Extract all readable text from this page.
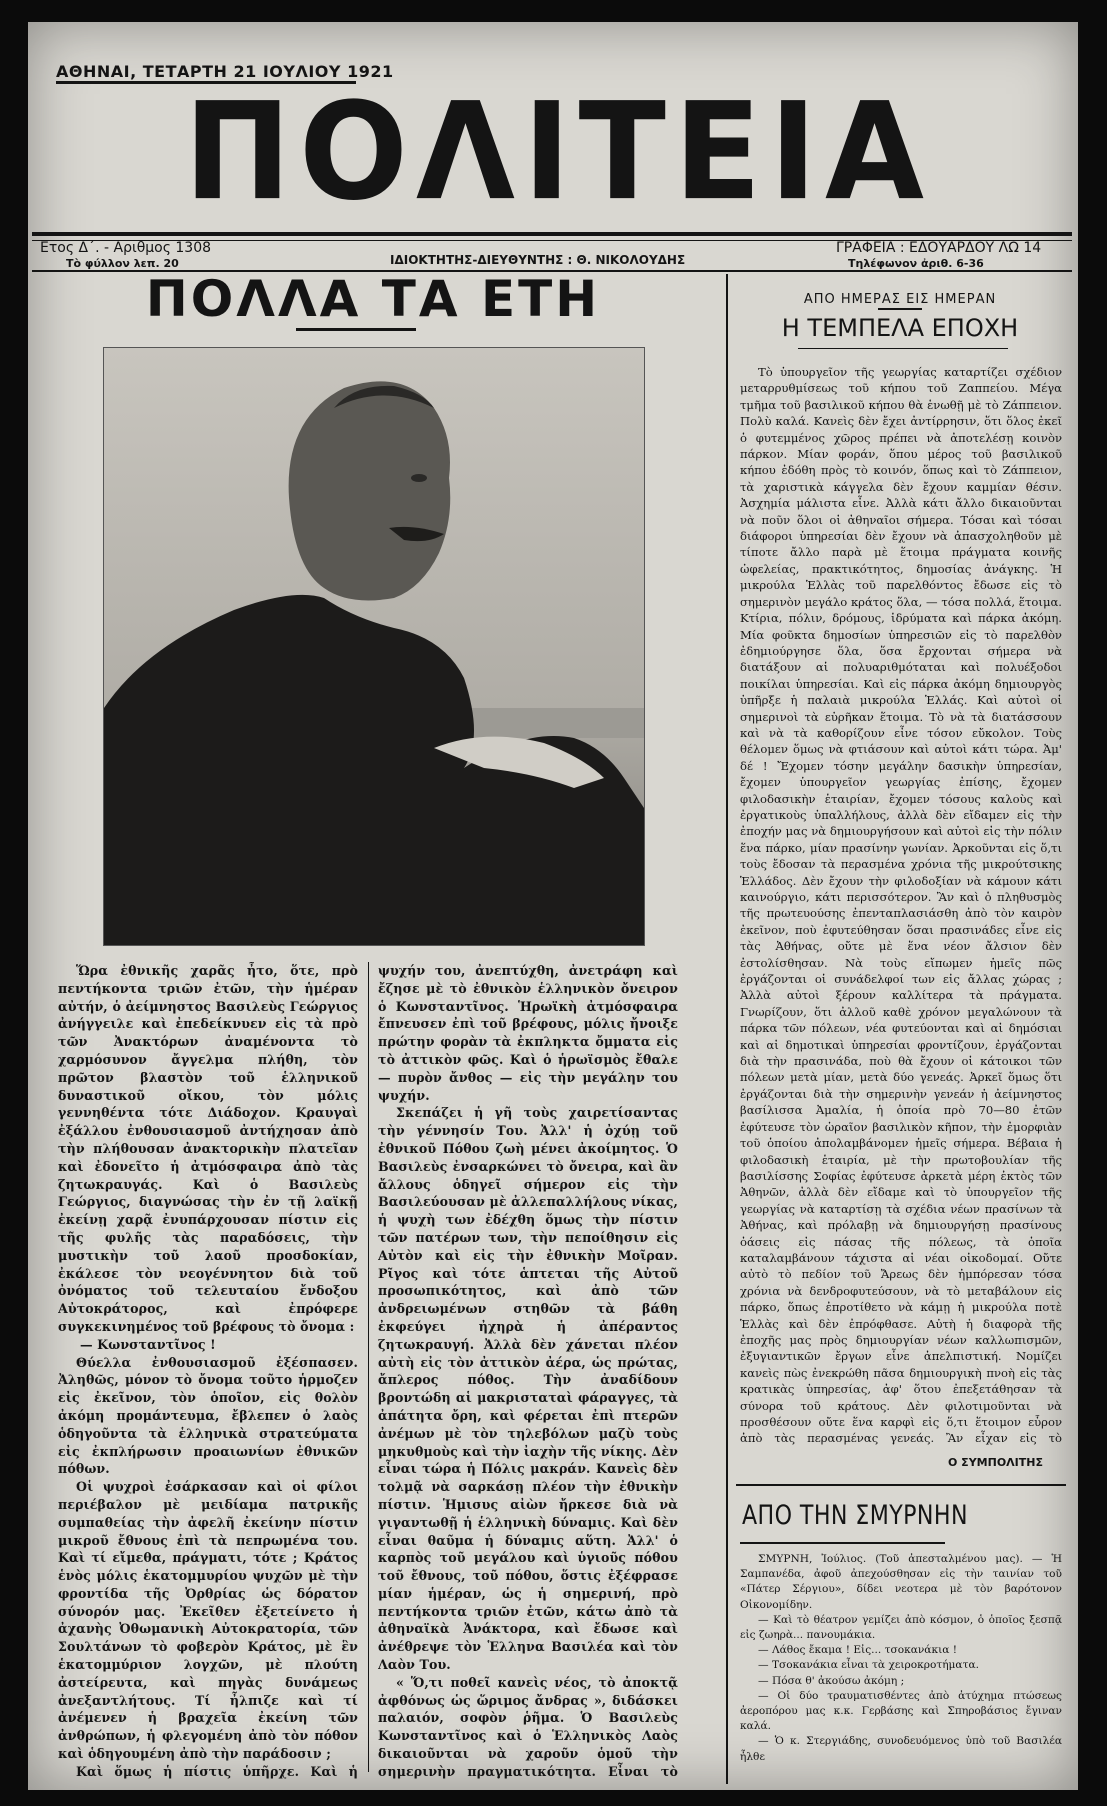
ΑΘΗΝΑΙ, ΤΕΤΑΡΤΗ 21 ΙΟΥΛΙΟΥ 1921
ΠΟΛΙΤΕΙΑ
Ετος Δ΄. - Αριθμος 1308
Τὸ φύλλον λεπ. 20	ΙΔΙΟΚΤΗΤΗΣ-ΔΙΕΥΘΥΝΤΗΣ : Θ. ΝΙΚΟΛΟΥΔΗΣ
ΓΡΑΦΕΙΑ : ΕΔΟΥΑΡΔΟΥ ΛΩ 14
Τηλέφωνον ἀριθ. 6-36
ΠΟΛΛΑ ΤΑ ΕΤΗ

Ὥρα ἐθνικῆς χαρᾶς ἦτο, ὅτε, πρὸ πεντήκοντα τριῶν ἐτῶν, τὴν ἡμέραν αὐτήν, ὁ ἀείμνηστος Βασιλεὺς Γεώργιος ἀνήγγειλε καὶ ἐπεδείκνυεν εἰς τὰ πρὸ τῶν Ἀνακτόρων ἀναμένοντα τὸ χαρμόσυνον ἄγγελμα πλήθη, τὸν πρῶτον βλαστὸν τοῦ ἑλληνικοῦ δυναστικοῦ οἴκου, τὸν μόλις γεννηθέντα τότε Διάδοχον. Κραυγαὶ ἐξάλλου ἐνθουσιασμοῦ ἀντήχησαν ἀπὸ τὴν πλήθουσαν ἀνακτορικὴν πλατεῖαν καὶ ἐδονεῖτο ἡ ἀτμόσφαιρα ἀπὸ τὰς ζητωκραυγάς. Καὶ ὁ Βασιλεὺς Γεώργιος, διαγνώσας τὴν ἐν τῇ λαϊκῇ ἐκείνῃ χαρᾷ ἐνυπάρχουσαν πίστιν εἰς τῆς φυλῆς τὰς παραδόσεις, τὴν μυστικὴν τοῦ λαοῦ προσδοκίαν, ἐκάλεσε τὸν νεογέννητον διὰ τοῦ ὀνόματος τοῦ τελευταίου ἔνδοξου Αὐτοκράτορος, καὶ ἐπρόφερε συγκεκινημένος τοῦ βρέφους τὸ ὄνομα :

— Κωνσταντῖνος !

Θύελλα ἐνθουσιασμοῦ ἐξέσπασεν. Ἀληθῶς, μόνον τὸ ὄνομα τοῦτο ἡρμοζεν εἰς ἐκεῖνον, τὸν ὁποῖον, εἰς θολὸν ἀκόμη προμάντευμα, ἔβλεπεν ὁ λαὸς ὁδηγοῦντα τὰ ἑλληνικὰ στρατεύματα εἰς ἐκπλήρωσιν προαιωνίων ἐθνικῶν πόθων.

Οἱ ψυχροὶ ἐσάρκασαν καὶ οἱ φίλοι περιέβαλον μὲ μειδίαμα πατρικῆς συμπαθείας τὴν ἀφελῆ ἐκείνην πίστιν μικροῦ ἔθνους ἐπὶ τὰ πεπρωμένα του. Καὶ τί εἴμεθα, πράγματι, τότε ; Κράτος ἑνὸς μόλις ἑκατομμυρίου ψυχῶν μὲ τὴν φροντίδα τῆς Ὀρθρίας ὡς δόρατον σύνορόν μας. Ἐκεῖθεν ἐξετείνετο ἡ ἀχανὴς Ὀθωμανικὴ Αὐτοκρατορία, τῶν Σουλτάνων τὸ φοβερὸν Κράτος, μὲ ἓν ἑκατομμύριον λογχῶν, μὲ πλούτη ἀστείρευτα, καὶ πηγὰς δυνάμεως ἀνεξαντλήτους. Τί ἦλπιζε καὶ τί ἀνέμενεν ἡ βραχεῖα ἐκείνη τῶν ἀνθρώπων, ἡ φλεγομένη ἀπὸ τὸν πόθον καὶ ὁδηγουμένη ἀπὸ τὴν παράδοσιν ;

Καὶ ὅμως ἡ πίστις ὑπῆρχε. Καὶ ἡ

ψυχήν του, ἀνεπτύχθη, ἀνετράφη καὶ ἔζησε μὲ τὸ ἐθνικὸν ἑλληνικὸν ὄνειρον ὁ Κωνσταντῖνος. Ἡρωϊκὴ ἀτμόσφαιρα ἔπνευσεν ἐπὶ τοῦ βρέφους, μόλις ἤνοιξε πρώτην φορὰν τὰ ἐκπληκτα ὄμματα εἰς τὸ ἀττικὸν φῶς. Καὶ ὁ ἡρωϊσμὸς ἔθαλε — πυρὸν ἄνθος — εἰς τὴν μεγάλην του ψυχήν.

Σκεπάζει ἡ γῆ τοὺς χαιρετίσαντας τὴν γέννησίν Του. Ἀλλ' ἡ ὀχύῃ τοῦ ἐθνικοῦ Πόθου ζωὴ μένει ἀκοίμητος. Ὁ Βασιλεὺς ἐνσαρκώνει τὸ ὄνειρα, καὶ ἂν ἄλλους ὁδηγεῖ σήμερον εἰς τὴν Βασιλεύουσαν μὲ ἀλλεπαλλήλους νίκας, ἡ ψυχὴ των ἐδέχθη ὅμως τὴν πίστιν τῶν πατέρων των, τὴν πεποίθησιν εἰς Αὐτὸν καὶ εἰς τὴν ἐθνικὴν Μοῖραν. Ρῖγος καὶ τότε ἁπτεται τῆς Αὐτοῦ προσωπικότητος, καὶ ἀπὸ τῶν ἀνδρειωμένων στηθῶν τὰ βάθη ἐκφεύγει ἠχηρὰ ἡ ἀπέραντος ζητωκραυγή. Ἀλλὰ δὲν χάνεται πλέον αὐτὴ εἰς τὸν ἀττικὸν ἀέρα, ὡς πρώτας, ἄπλερος πόθος. Τὴν ἀναδίδουν βροντώδη αἱ μακρισταταὶ φάραγγες, τὰ ἀπάτητα ὄρη, καὶ φέρεται ἐπὶ πτερῶν ἀνέμων μὲ τὸν τηλεβόλων μαζὺ τοὺς μηκυθμοὺς καὶ τὴν ἰαχὴν τῆς νίκης. Δὲν εἶναι τώρα ἡ Πόλις μακράν. Κανεὶς δὲν τολμᾷ νὰ σαρκάσῃ πλέον τὴν ἐθνικὴν πίστιν. Ἡμισυς αἰὼν ἤρκεσε διὰ νὰ γιγαντωθῇ ἡ ἑλληνικὴ δύναμις. Καὶ δὲν εἶναι θαῦμα ἡ δύναμις αὕτη. Ἀλλ' ὁ καρπὸς τοῦ μεγάλου καὶ ὑγιοῦς πόθου τοῦ ἔθνους, τοῦ πόθου, ὅστις ἐξέφρασε μίαν ἡμέραν, ὡς ἡ σημερινή, πρὸ πεντήκοντα τριῶν ἐτῶν, κάτω ἀπὸ τὰ ἀθηναϊκὰ Ἀνάκτορα, καὶ ἔδωσε καὶ ἀνέθρεψε τὸν Ἑλληνα Βασιλέα καὶ τὸν Λαὸν Του.

« Ὅ,τι ποθεῖ κανεὶς νέος, τὸ ἀποκτᾷ ἀφθόνως ὡς ὥριμος ἄνδρας », διδάσκει παλαιόν, σοφὸν ῥῆμα. Ὁ Βασιλεὺς Κωνσταντῖνος καὶ ὁ Ἑλληνικὸς Λαὸς δικαιοῦνται νὰ χαροῦν ὁμοῦ τὴν σημερινὴν πραγματικότητα. Εἶναι τὸ

ΑΠΟ ΗΜΕΡΑΣ ΕΙΣ ΗΜΕΡΑΝ
Η ΤΕΜΠΕΛΑ ΕΠΟΧΗ

Τὸ ὑπουργεῖον τῆς γεωργίας καταρτίζει σχέδιον μεταρρυθμίσεως τοῦ κήπου τοῦ Ζαππείου. Μέγα τμῆμα τοῦ βασιλικοῦ κήπου θὰ ἑνωθῇ μὲ τὸ Ζάππειον. Πολὺ καλά. Κανεὶς δὲν ἔχει ἀντίρρησιν, ὅτι ὅλος ἐκεῖ ὁ φυτεμμένος χῶρος πρέπει νὰ ἀποτελέσῃ κοινὸν πάρκον. Μίαν φοράν, ὅπου μέρος τοῦ βασιλικοῦ κήπου ἐδόθη πρὸς τὸ κοινόν, ὅπως καὶ τὸ Ζάππειον, τὰ χαριστικὰ κάγγελα δὲν ἔχουν καμμίαν θέσιν. Ἀσχημία μάλιστα εἶνε. Ἀλλὰ κάτι ἄλλο δικαιοῦνται νὰ ποῦν ὅλοι οἱ ἀθηναῖοι σήμερα. Τόσαι καὶ τόσαι διάφοροι ὑπηρεσίαι δὲν ἔχουν νὰ ἀπασχοληθοῦν μὲ τίποτε ἄλλο παρὰ μὲ ἕτοιμα πράγματα κοινῆς ὠφελείας, πρακτικότητος, δημοσίας ἀνάγκης. Ἡ μικρούλα Ἑλλὰς τοῦ παρελθόντος ἔδωσε εἰς τὸ σημερινὸν μεγάλο κράτος ὅλα, — τόσα πολλά, ἕτοιμα. Κτίρια, πόλιν, δρόμους, ἱδρύματα καὶ πάρκα ἀκόμη. Μία φοῦκτα δημοσίων ὑπηρεσιῶν εἰς τὸ παρελθὸν ἐδημιούργησε ὅλα, ὅσα ἔρχονται σήμερα νὰ διατάξουν αἱ πολυαριθμόταται καὶ πολυέξοδοι ποικίλαι ὑπηρεσίαι. Καὶ εἰς πάρκα ἀκόμη δημιουργὸς ὑπῆρξε ἡ παλαιὰ μικρούλα Ἑλλάς. Καὶ αὐτοὶ οἱ σημερινοὶ τὰ εὑρῆκαν ἕτοιμα. Τὸ νὰ τὰ διατάσσουν καὶ νὰ τὰ καθορίζουν εἶνε τόσον εὔκολον. Τοὺς θέλομεν ὅμως νὰ φτιάσουν καὶ αὐτοὶ κάτι τώρα. Ἀμ' δέ ! Ἔχομεν τόσην μεγάλην δασικὴν ὑπηρεσίαν, ἔχομεν ὑπουργεῖον γεωργίας ἐπίσης, ἔχομεν φιλοδασικὴν ἑταιρίαν, ἔχομεν τόσους καλοὺς καὶ ἐργατικοὺς ὑπαλλήλους, ἀλλὰ δὲν εἴδαμεν εἰς τὴν ἐποχήν μας νὰ δημιουργήσουν καὶ αὐτοὶ εἰς τὴν πόλιν ἕνα πάρκο, μίαν πρασίνην γωνίαν. Ἀρκοῦνται εἰς ὅ,τι τοὺς ἔδοσαν τὰ περασμένα χρόνια τῆς μικρούτσικης Ἑλλάδος. Δὲν ἔχουν τὴν φιλοδοξίαν νὰ κάμουν κάτι καινούργιο, κάτι περισσότερον. Ἂν καὶ ὁ πληθυσμὸς τῆς πρωτευούσης ἐπενταπλασιάσθη ἀπὸ τὸν καιρὸν ἐκεῖνον, ποὺ ἐφυτεύθησαν ὅσαι πρασινάδες εἶνε εἰς τὰς Ἀθήνας, οὔτε μὲ ἕνα νέον ἄλσιον δὲν ἐστολίσθησαν. Νὰ τοὺς εἴπωμεν ἡμεῖς πῶς ἐργάζονται οἱ συνάδελφοί των εἰς ἄλλας χώρας ; Ἀλλὰ αὐτοὶ ξέρουν καλλίτερα τὰ πράγματα. Γνωρίζουν, ὅτι ἀλλοῦ καθὲ χρόνον μεγαλώνουν τὰ πάρκα τῶν πόλεων, νέα φυτεύονται καὶ αἱ δημόσιαι καὶ αἱ δημοτικαὶ ὑπηρεσίαι φροντίζουν, ἐργάζονται διὰ τὴν πρασινάδα, ποὺ θὰ ἔχουν οἱ κάτοικοι τῶν πόλεων μετὰ μίαν, μετὰ δύο γενεάς. Ἀρκεῖ ὅμως ὅτι ἐργάζονται διὰ τὴν σημερινὴν γενεάν ἡ ἀείμνηστος βασίλισσα Ἀμαλία, ἡ ὁποία πρὸ 70—80 ἐτῶν ἐφύτευσε τὸν ὡραῖον βασιλικὸν κῆπον, τὴν ἐμορφιὰν τοῦ ὁποίου ἀπολαμβάνομεν ἡμεῖς σήμερα. Βέβαια ἡ φιλοδασικὴ ἑταιρία, μὲ τὴν πρωτοβουλίαν τῆς βασιλίσσης Σοφίας ἐφύτευσε ἀρκετὰ μέρη ἐκτὸς τῶν Ἀθηνῶν, ἀλλὰ δὲν εἴδαμε καὶ τὸ ὑπουργεῖον τῆς γεωργίας νὰ καταρτίσῃ τὰ σχέδια νέων πρασίνων τὰ Ἀθήνας, καὶ πρόλαβῃ νὰ δημιουργήσῃ πρασίνους ὀάσεις εἰς πάσας τῆς πόλεως, τὰ ὁποῖα καταλαμβάνουν τάχιστα αἱ νέαι οἰκοδομαί. Οὔτε αὐτὸ τὸ πεδίον τοῦ Ἄρεως δὲν ἠμπόρεσαν τόσα χρόνια νὰ δενδροφυτεύσουν, νὰ τὸ μεταβάλουν εἰς πάρκο, ὅπως ἐπροτίθετο νὰ κάμῃ ἡ μικρούλα ποτὲ Ἑλλὰς καὶ δὲν ἐπρόφθασε. Αὐτὴ ἡ διαφορὰ τῆς ἐποχῆς μας πρὸς δημιουργίαν νέων καλλωπισμῶν, ἐξυγιαντικῶν ἔργων εἶνε ἀπελπιστική. Νομίζει κανεὶς πὼς ἐνεκρώθη πᾶσα δημιουργικὴ πνοὴ εἰς τὰς κρατικὰς ὑπηρεσίας, ἀφ' ὅτου ἐπεξετάθησαν τὰ σύνορα τοῦ κράτους. Δὲν φιλοτιμοῦνται νὰ προσθέσουν οὔτε ἕνα καρφὶ εἰς ὅ,τι ἕτοιμον εὗρον ἀπὸ τὰς περασμένας γενεάς. Ἂν εἶχαν εἰς τὸ

Ο ΣΥΜΠΟΛΙΤΗΣ
ΑΠΟ ΤΗΝ ΣΜΥΡΝΗΝ

ΣΜΥΡΝΗ, Ἰούλιος. (Τοῦ ἀπεσταλμένου μας). — Ἡ Σαμπανέδα, ἀφοῦ ἀπεχούσθησαν εἰς τὴν ταινίαν τοῦ «Πάτερ Σέργιου», δίδει νεοτερα μὲ τὸν βαρότονον Οἰκονομίδην.

— Καὶ τὸ θέατρον γεμίζει ἀπὸ κόσμον, ὁ ὁποῖος ξεσπᾷ εἰς ζωηρὰ... πανουμάκια.

— Λάθος ἔκαμα ! Εἰς... τσοκανάκια !

— Τσοκανάκια εἶναι τὰ χειροκροτήματα.

— Πόσα θ' ἀκούσω ἀκόμη ;

— Οἱ δύο τραυματισθέντες ἀπὸ ἀτύχημα πτώσεως ἀεροπόρου μας κ.κ. Γερβάσης καὶ Σπηροβάσιος ἔγιναν καλά.

— Ὁ κ. Στεργιάδης, συνοδευόμενος ὑπὸ τοῦ Βασιλέα ἦλθε
